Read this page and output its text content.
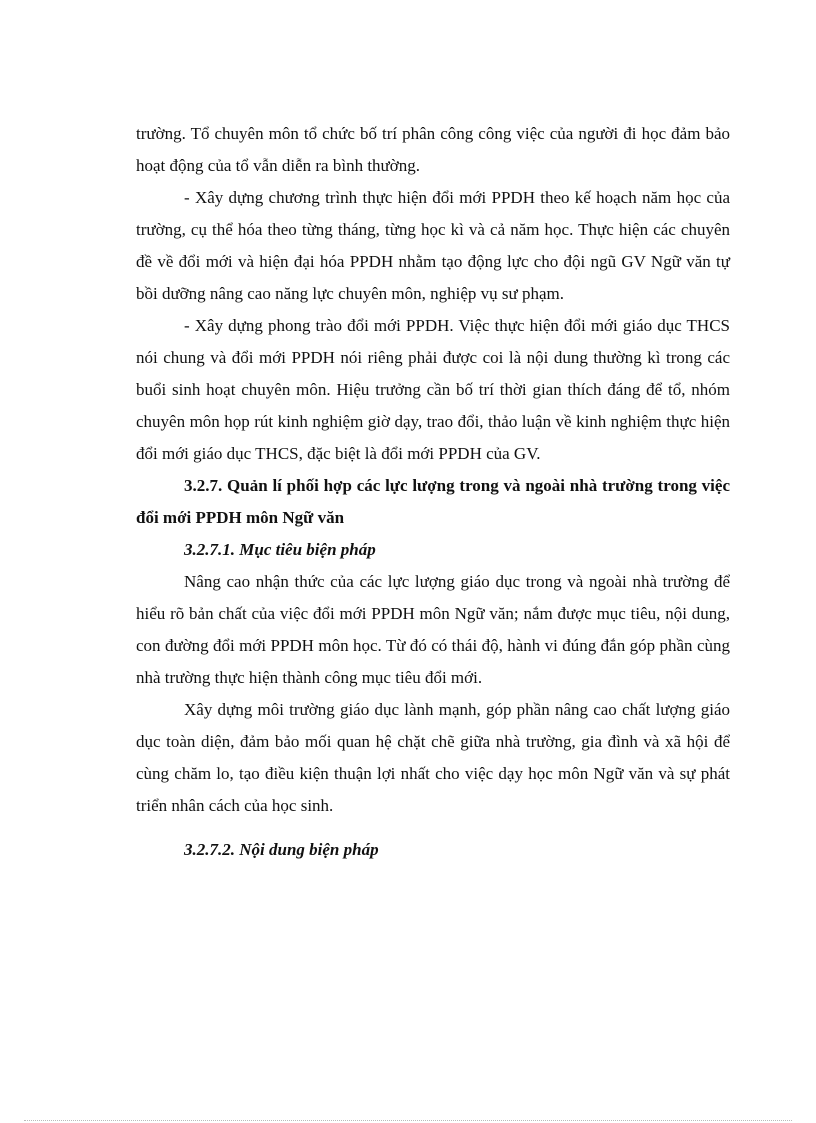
trường. Tổ chuyên môn tổ chức bố trí phân công công việc của người đi học đảm bảo hoạt động của tổ vẫn diễn ra bình thường.

- Xây dựng chương trình thực hiện đổi mới PPDH theo kế hoạch năm học của trường, cụ thể hóa theo từng tháng, từng học kì và cả năm học. Thực hiện các chuyên đề về đổi mới và hiện đại hóa PPDH nhằm tạo động lực cho đội ngũ GV Ngữ văn tự bồi dưỡng nâng cao năng lực chuyên môn, nghiệp vụ sư phạm.

- Xây dựng phong trào đổi mới PPDH. Việc thực hiện đổi mới giáo dục THCS nói chung và đổi mới PPDH nói riêng phải được coi là nội dung thường kì trong các buổi sinh hoạt chuyên môn. Hiệu trưởng cần bố trí thời gian thích đáng để tổ, nhóm chuyên môn họp rút kinh nghiệm giờ dạy, trao đổi, thảo luận về kinh nghiệm thực hiện đổi mới giáo dục THCS, đặc biệt là đổi mới PPDH của GV.

3.2.7. Quản lí phối hợp các lực lượng trong và ngoài nhà trường trong việc đổi mới PPDH môn Ngữ văn

3.2.7.1. Mục tiêu biện pháp

Nâng cao nhận thức của các lực lượng giáo dục trong và ngoài nhà trường để hiểu rõ bản chất của việc đổi mới PPDH môn Ngữ văn; nắm được mục tiêu, nội dung, con đường đổi mới PPDH môn học. Từ đó có thái độ, hành vi đúng đắn góp phần cùng nhà trường thực hiện thành công mục tiêu đổi mới.

Xây dựng môi trường giáo dục lành mạnh, góp phần nâng cao chất lượng giáo dục toàn diện, đảm bảo mối quan hệ chặt chẽ giữa nhà trường, gia đình và xã hội để cùng chăm lo, tạo điều kiện thuận lợi nhất cho việc dạy học môn Ngữ văn và sự phát triển nhân cách của học sinh.

3.2.7.2. Nội dung biện pháp
